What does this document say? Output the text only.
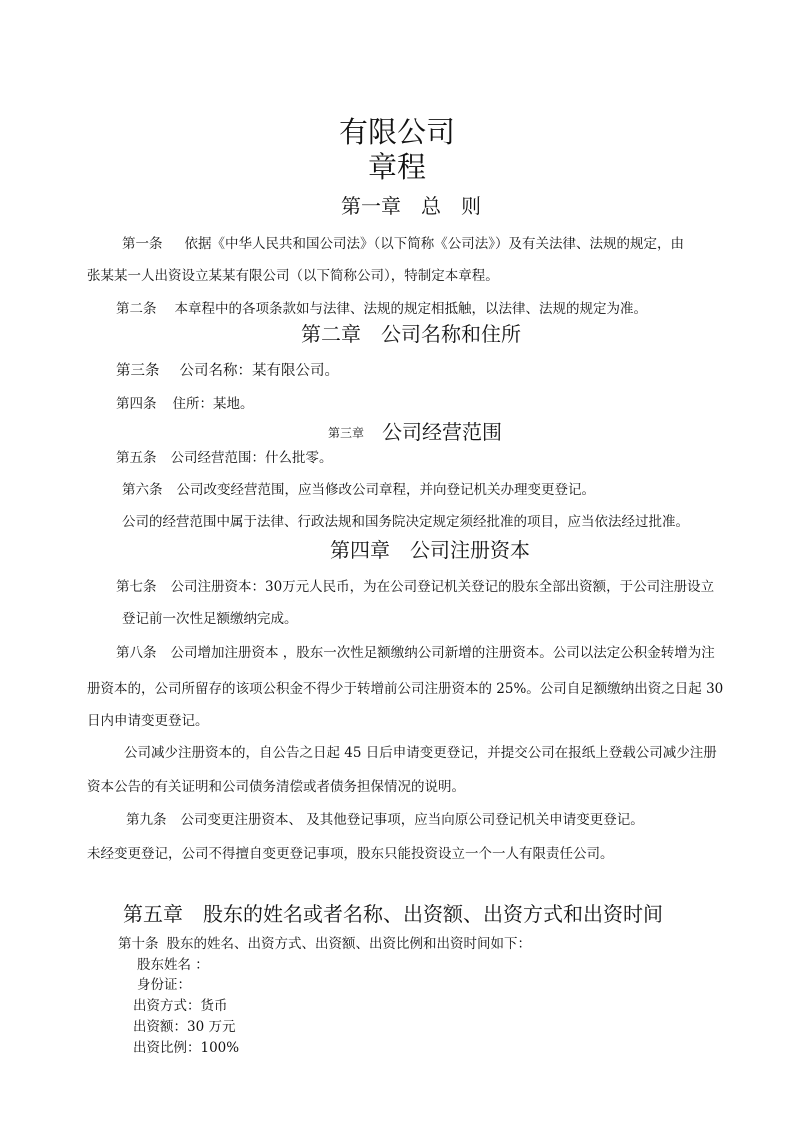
有限公司
章程
第一章　总　则
第一条 依据《中华人民共和国公司法》（以下简称《公司法》）及有关法律、法规的规定，由
张某某一人出资设立某某有限公司（以下简称公司），特制定本章程。
第二条 本章程中的各项条款如与法律、法规的规定相抵触，以法律、法规的规定为准。
第二章　公司名称和住所
第三条 公司名称：某有限公司。
第四条 住所：某地。
第三章 公司经营范围
第五条 公司经营范围：什么批零。
第六条 公司改变经营范围，应当修改公司章程，并向登记机关办理变更登记。
公司的经营范围中属于法律、行政法规和国务院决定规定须经批准的项目，应当依法经过批准。
第四章　公司注册资本
第七条 公司注册资本：30万元人民币，为在公司登记机关登记的股东全部出资额，于公司注册设立
登记前一次性足额缴纳完成。
第八条 公司增加注册资本 ，股东一次性足额缴纳公司新增的注册资本。公司以法定公积金转增为注
册资本的，公司所留存的该项公积金不得少于转增前公司注册资本的 25%。公司自足额缴纳出资之日起 30
日内申请变更登记。
公司减少注册资本的，自公告之日起 45 日后申请变更登记，并提交公司在报纸上登载公司减少注册
资本公告的有关证明和公司债务清偿或者债务担保情况的说明。
第九条 公司变更注册资本、 及其他登记事项，应当向原公司登记机关申请变更登记。
未经变更登记，公司不得擅自变更登记事项，股东只能投资设立一个一人有限责任公司。
第五章　股东的姓名或者名称、出资额、出资方式和出资时间
第十条 股东的姓名、出资方式、出资额、出资比例和出资时间如下：
股东姓名 ：
身份证：
出资方式：货币
出资额：30 万元
出资比例：100%
